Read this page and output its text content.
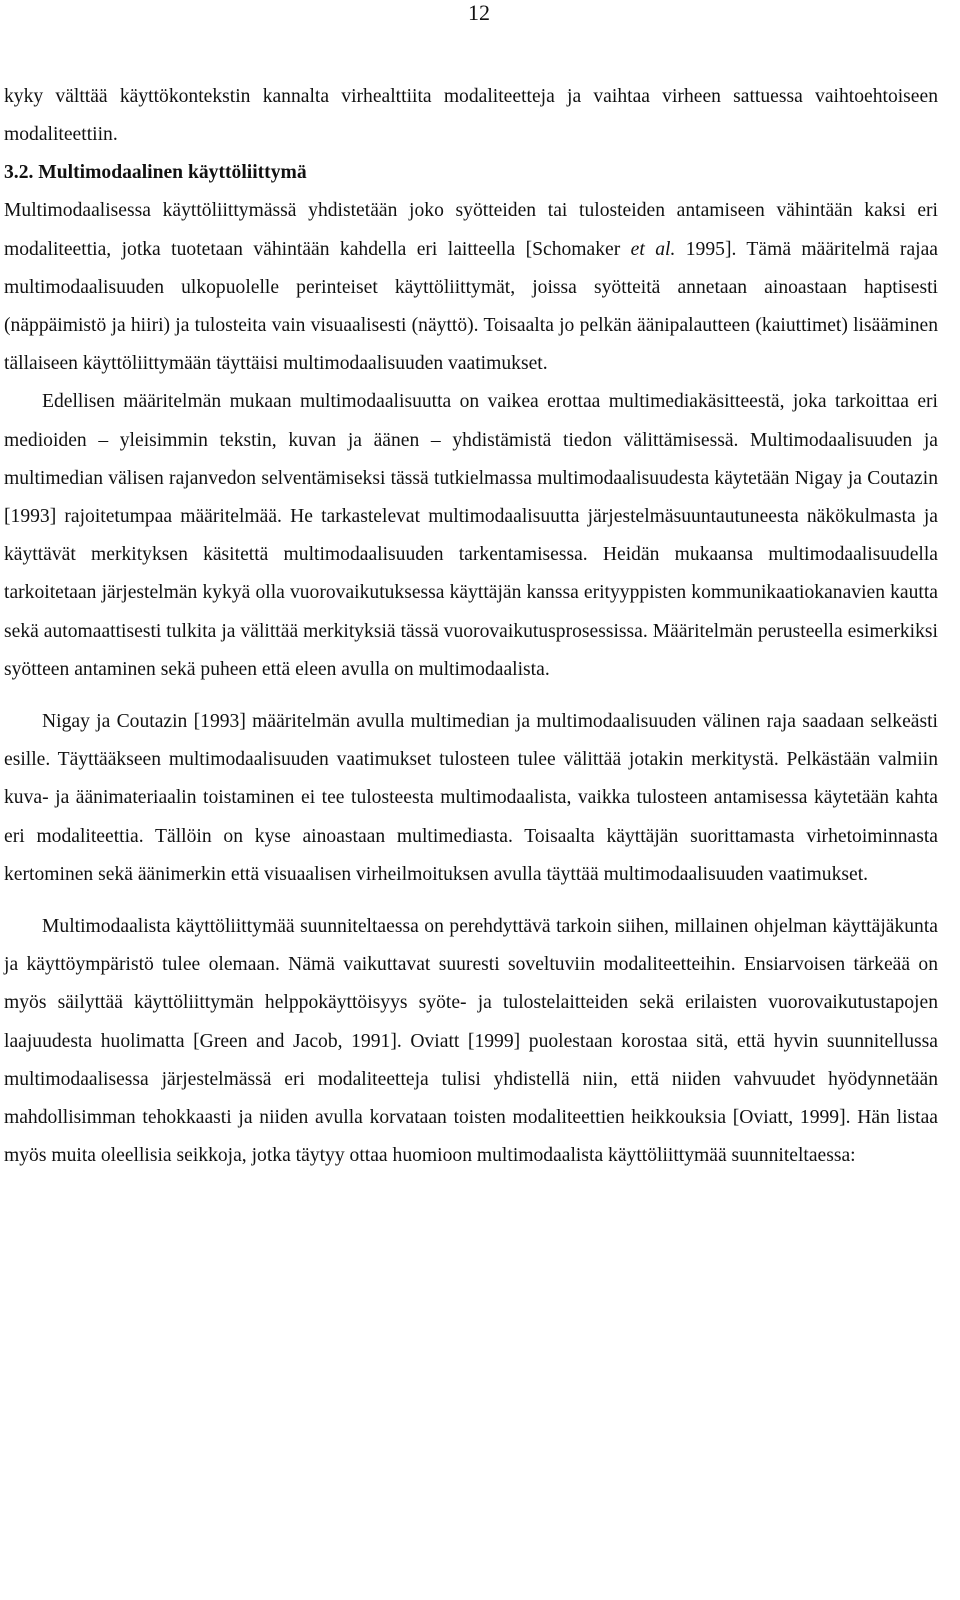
12

kyky välttää käyttökontekstin kannalta virhealttiita modaliteetteja ja vaihtaa virheen sattuessa vaihtoehtoiseen modaliteettiin.

3.2. Multimodaalinen käyttöliittymä

Multimodaalisessa käyttöliittymässä yhdistetään joko syötteiden tai tulosteiden antamiseen vähintään kaksi eri modaliteettia, jotka tuotetaan vähintään kahdella eri laitteella [Schomaker et al. 1995]. Tämä määritelmä rajaa multimodaalisuuden ulkopuolelle perinteiset käyttöliittymät, joissa syötteitä annetaan ainoastaan haptisesti (näppäimistö ja hiiri) ja tulosteita vain visuaalisesti (näyttö). Toisaalta jo pelkän äänipalautteen (kaiuttimet) lisääminen tällaiseen käyttöliittymään täyttäisi multimodaalisuuden vaatimukset.

Edellisen määritelmän mukaan multimodaalisuutta on vaikea erottaa multimediakäsitteestä, joka tarkoittaa eri medioiden – yleisimmin tekstin, kuvan ja äänen – yhdistämistä tiedon välittämisessä. Multimodaalisuuden ja multimedian välisen rajanvedon selventämiseksi tässä tutkielmassa multimodaalisuudesta käytetään Nigay ja Coutazin [1993] rajoitetumpaa määritelmää. He tarkastelevat multimodaalisuutta järjestelmäsuuntautuneesta näkökulmasta ja käyttävät merkityksen käsitettä multimodaalisuuden tarkentamisessa. Heidän mukaansa multimodaalisuudella tarkoitetaan järjestelmän kykyä olla vuorovaikutuksessa käyttäjän kanssa erityyppisten kommunikaatiokanavien kautta sekä automaattisesti tulkita ja välittää merkityksiä tässä vuorovaikutusprosessissa. Määritelmän perusteella esimerkiksi syötteen antaminen sekä puheen että eleen avulla on multimodaalista.

Nigay ja Coutazin [1993] määritelmän avulla multimedian ja multimodaalisuuden välinen raja saadaan selkeästi esille. Täyttääkseen multimodaalisuuden vaatimukset tulosteen tulee välittää jotakin merkitystä. Pelkästään valmiin kuva- ja äänimateriaalin toistaminen ei tee tulosteesta multimodaalista, vaikka tulosteen antamisessa käytetään kahta eri modaliteettia. Tällöin on kyse ainoastaan multimediasta. Toisaalta käyttäjän suorittamasta virhetoiminnasta kertominen sekä äänimerkin että visuaalisen virheilmoituksen avulla täyttää multimodaalisuuden vaatimukset.

Multimodaalista käyttöliittymää suunniteltaessa on perehdyttävä tarkoin siihen, millainen ohjelman käyttäjäkunta ja käyttöympäristö tulee olemaan. Nämä vaikuttavat suuresti soveltuviin modaliteetteihin. Ensiarvoisen tärkeää on myös säilyttää käyttöliittymän helppokäyttöisyys syöte- ja tulostelaitteiden sekä erilaisten vuorovaikutustapojen laajuudesta huolimatta [Green and Jacob, 1991]. Oviatt [1999] puolestaan korostaa sitä, että hyvin suunnitellussa multimodaalisessa järjestelmässä eri modaliteetteja tulisi yhdistellä niin, että niiden vahvuudet hyödynnetään mahdollisimman tehokkaasti ja niiden avulla korvataan toisten modaliteettien heikkouksia [Oviatt, 1999]. Hän listaa myös muita oleellisia seikkoja, jotka täytyy ottaa huomioon multimodaalista käyttöliittymää suunniteltaessa:
